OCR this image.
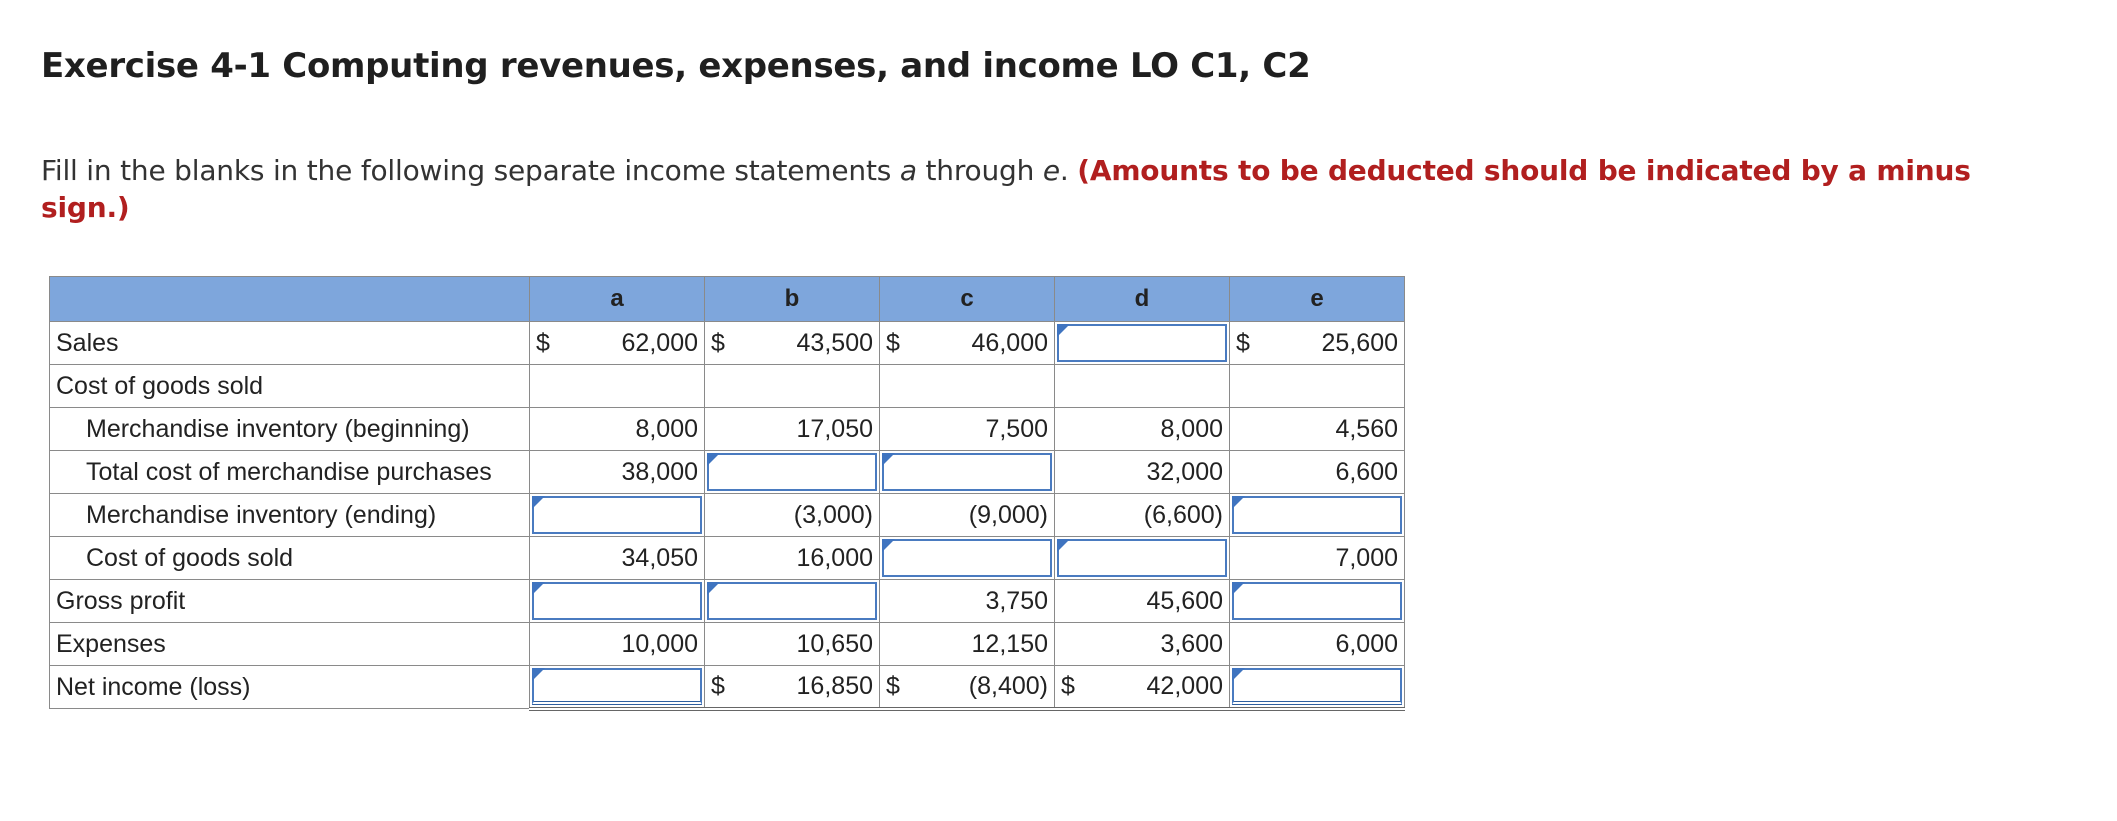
Exercise 4-1 Computing revenues, expenses, and income LO C1, C2
Fill in the blanks in the following separate income statements a through e. (Amounts to be deducted should be indicated by a minus sign.)
	a	b	c	d	e
Sales	$ 62,000	$ 43,500	$ 46,000		$ 25,600

Cost of goods sold					
Merchandise inventory (beginning)	8,000	17,050	7,500	8,000	4,560

Total cost of merchandise purchases	38,000			32,000	6,600

Merchandise inventory (ending)		(3,000)	(9,000)	(6,600)	

Cost of goods sold	34,050	16,000			7,000

Gross profit			3,750	45,600	

Expenses	10,000	10,650	12,150	3,600	6,000

Net income (loss)		$ 16,850	$ (8,400)	$ 42,000	
